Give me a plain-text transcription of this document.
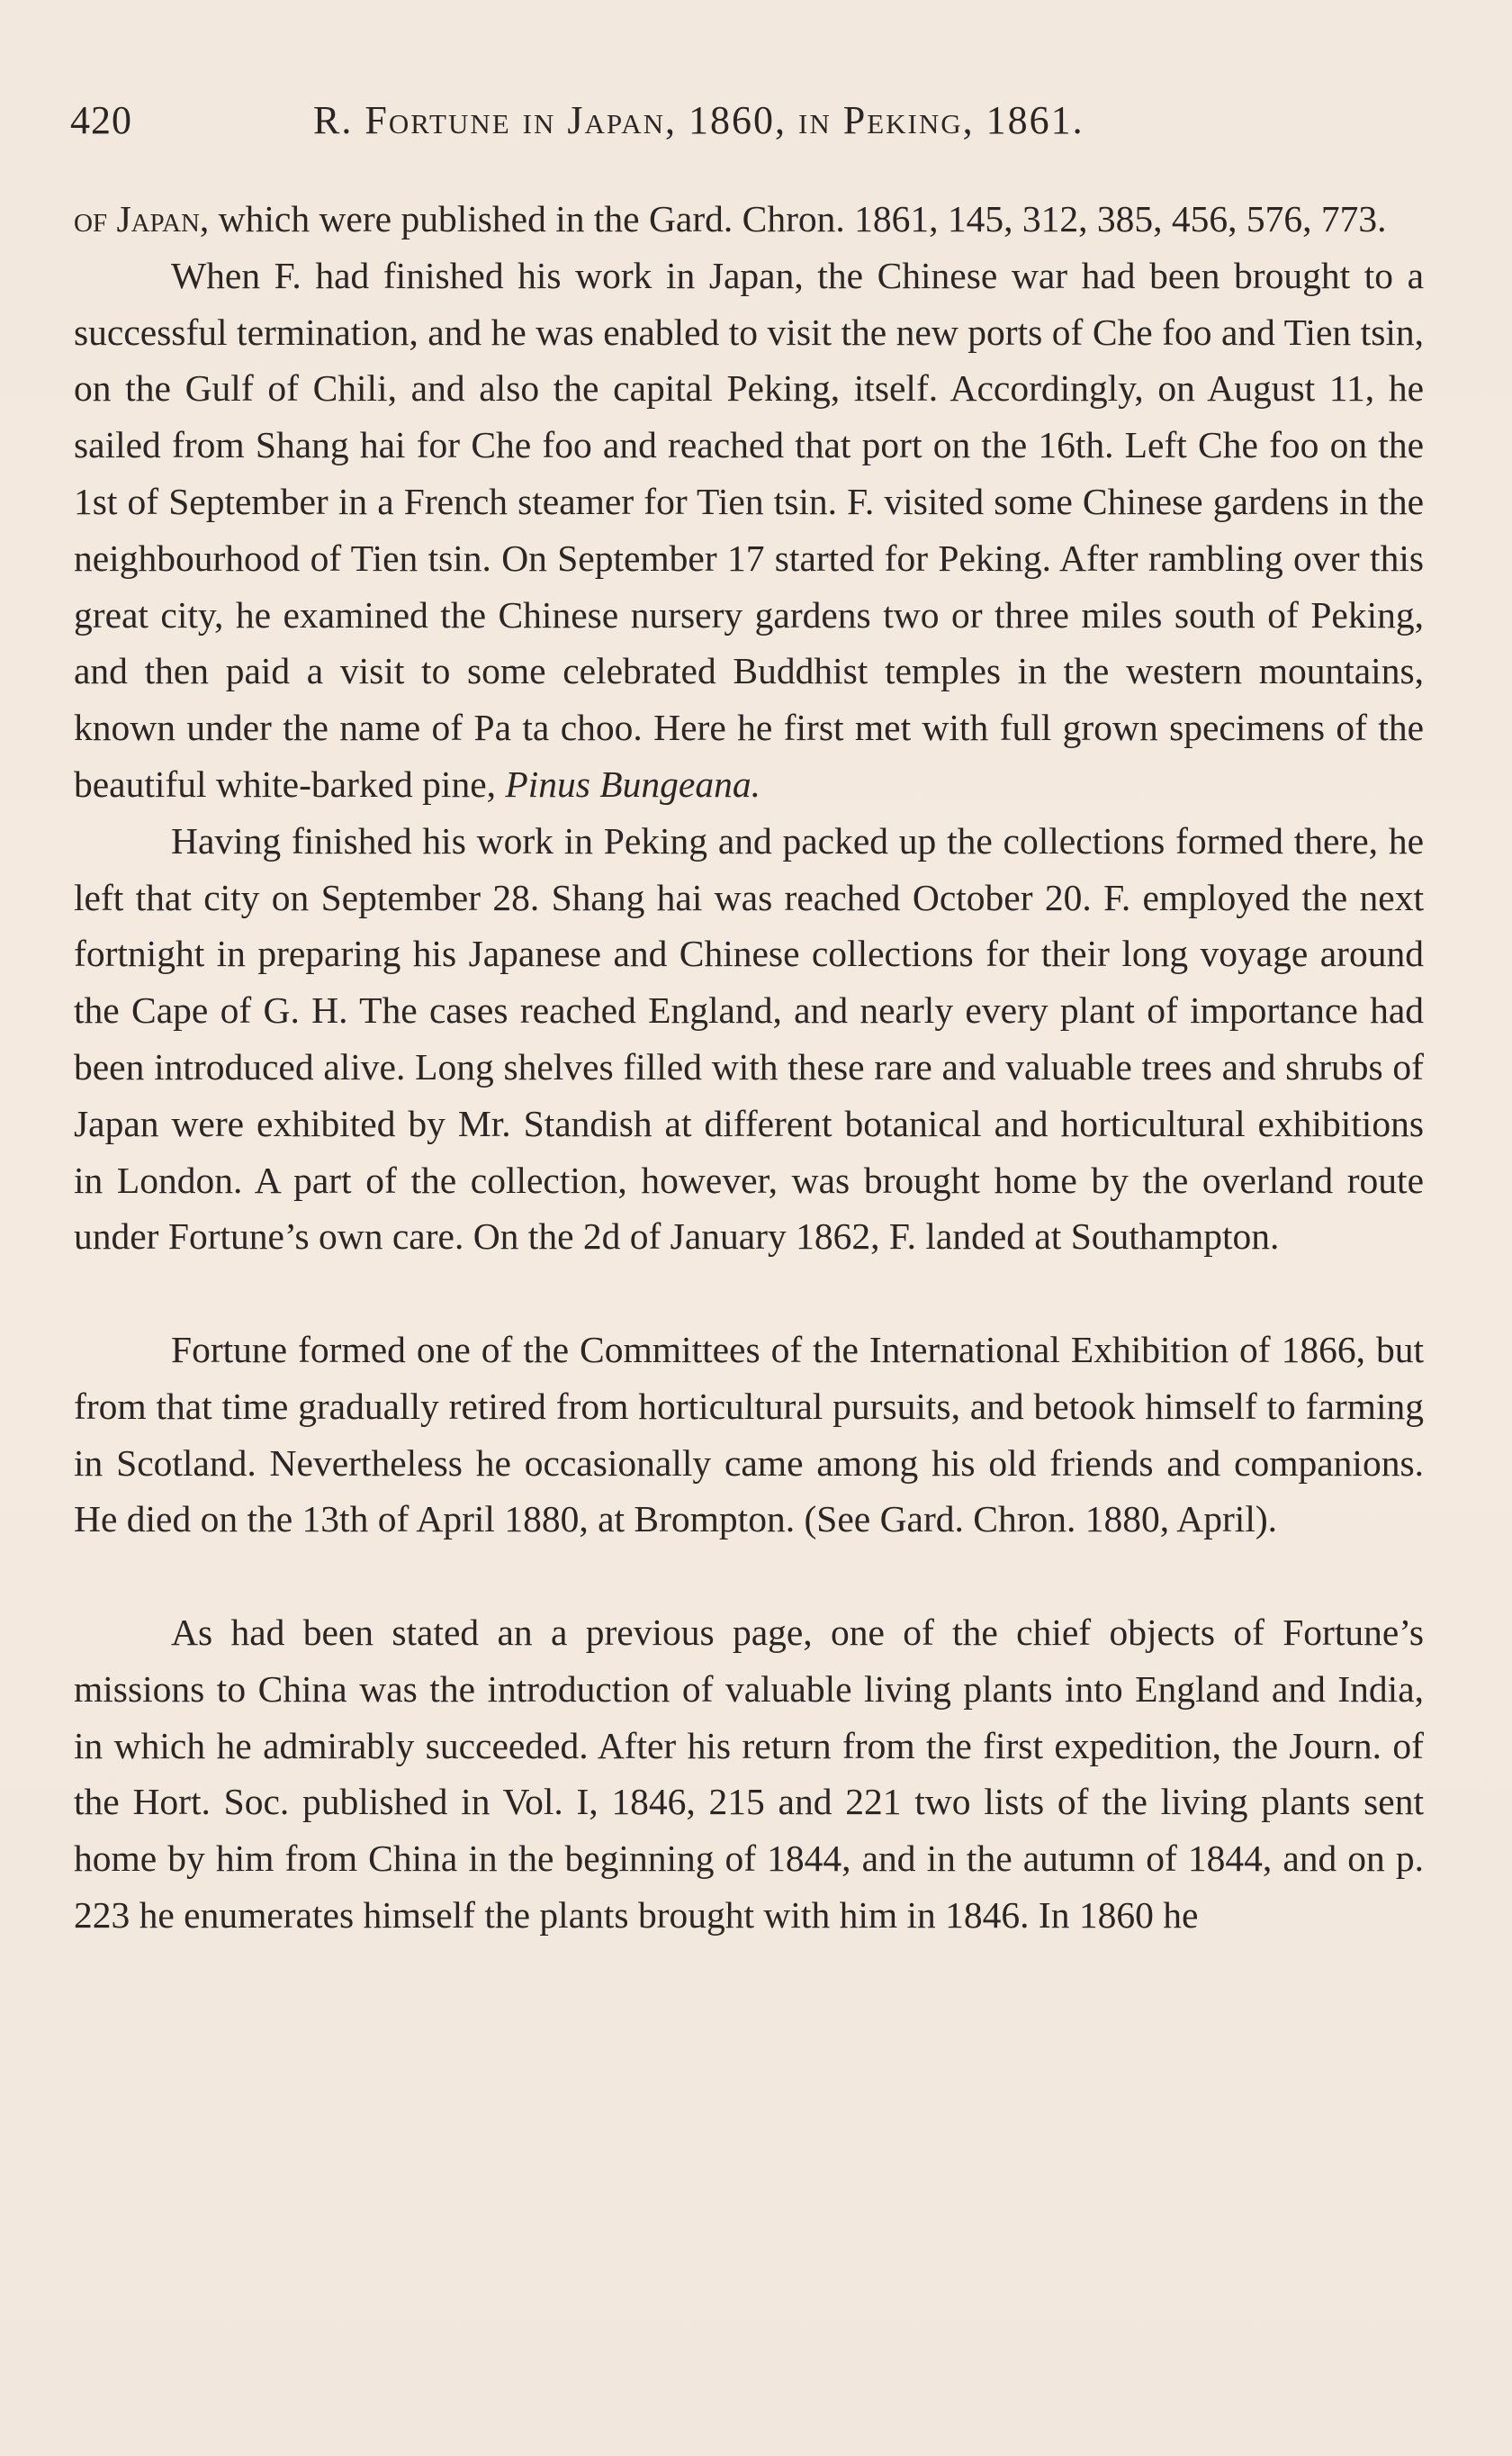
420	R. Fortune in Japan, 1860, in Peking, 1861.

of Japan, which were published in the Gard. Chron. 1861, 145, 312, 385, 456, 576, 773.

When F. had finished his work in Japan, the Chinese war had been brought to a successful termination, and he was enabled to visit the new ports of Che foo and Tien tsin, on the Gulf of Chili, and also the capital Peking, itself. Accordingly, on August 11, he sailed from Shang hai for Che foo and reached that port on the 16th. Left Che foo on the 1st of September in a French steamer for Tien tsin. F. visited some Chinese gardens in the neighbourhood of Tien tsin. On September 17 started for Peking. After rambling over this great city, he examined the Chinese nursery gardens two or three miles south of Peking, and then paid a visit to some celebrated Buddhist temples in the western mountains, known under the name of Pa ta choo. Here he first met with full grown specimens of the beautiful white-barked pine, Pinus Bungeana.

Having finished his work in Peking and packed up the collections formed there, he left that city on September 28. Shang hai was reached October 20. F. employed the next fortnight in preparing his Japanese and Chinese collections for their long voyage around the Cape of G. H. The cases reached England, and nearly every plant of importance had been introduced alive. Long shelves filled with these rare and valuable trees and shrubs of Japan were exhibited by Mr. Standish at different botanical and horticultural exhibitions in London. A part of the collection, however, was brought home by the overland route under Fortune’s own care. On the 2d of January 1862, F. landed at Southampton.

Fortune formed one of the Committees of the International Exhibition of 1866, but from that time gradually retired from horticultural pursuits, and betook himself to farming in Scotland. Nevertheless he occasionally came among his old friends and companions. He died on the 13th of April 1880, at Brompton. (See Gard. Chron. 1880, April).

As had been stated an a previous page, one of the chief objects of Fortune’s missions to China was the introduction of valuable living plants into England and India, in which he admirably succeeded. After his return from the first expedition, the Journ. of the Hort. Soc. published in Vol. I, 1846, 215 and 221 two lists of the living plants sent home by him from China in the beginning of 1844, and in the autumn of 1844, and on p. 223 he enumerates himself the plants brought with him in 1846. In 1860 he
